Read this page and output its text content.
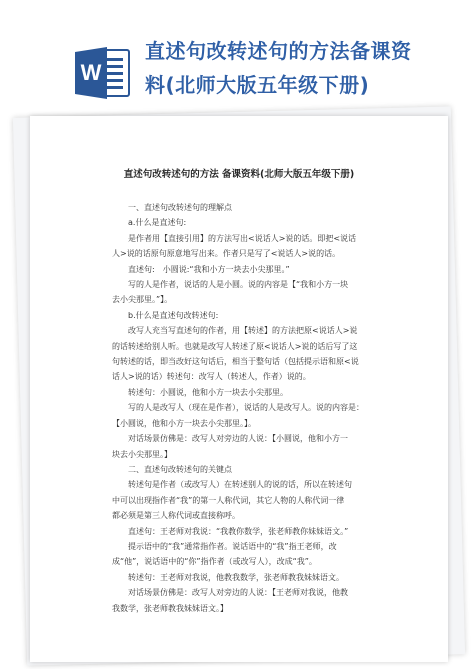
W
直述句改转述句的方法备课资
料(北师大版五年级下册)
直述句改转述句的方法 备课资料(北师大版五年级下册)

一、直述句改转述句的理解点

a.什么是直述句:

是作者用【直接引用】的方法写出<说话人>说的话。即把<说话

人>说的话原句原意地写出来。作者只是写了<说话人>说的话。

直述句:　小圆说:“我和小方一块去小尖那里。”

写的人是作者，说话的人是小圆。说的内容是【“我和小方一块

去小尖那里。”】。

b.什么是直述句改转述句:

改写人充当写直述句的作者，用【转述】的方法把原<说话人>说

的话转述给别人听。也就是改写人转述了原<说话人>说的话后写了这

句转述的话，即当改好这句话后，相当于整句话（包括提示语和原<说

话人>说的话）转述句：改写人（转述人，作者）说的。

转述句：小圆说，他和小方一块去小尖那里。

写的人是改写人（现在是作者），说话的人是改写人。说的内容是：

【小圆说，他和小方一块去小尖那里。】。

对话场景仿佛是：改写人对旁边的人说：【小圆说，他和小方一

块去小尖那里。】

二、直述句改转述句的关键点

转述句是作者（或改写人）在转述别人的说的话，所以在转述句

中可以出现指作者“我”的第一人称代词，其它人物的人称代词一律

都必须是第三人称代词或直接称呼。

直述句：王老师对我说：“我教你数学，张老师教你妹妹语文。”

提示语中的“我”通常指作者。说话语中的“我”指王老师，改

成“他”，说话语中的“你”指作者（或改写人），改成“我”。

转述句：王老师对我说，他教我数学，张老师教我妹妹语文。

对话场景仿佛是：改写人对旁边的人说：【王老师对我说，他教

我数学，张老师教我妹妹语文。】
